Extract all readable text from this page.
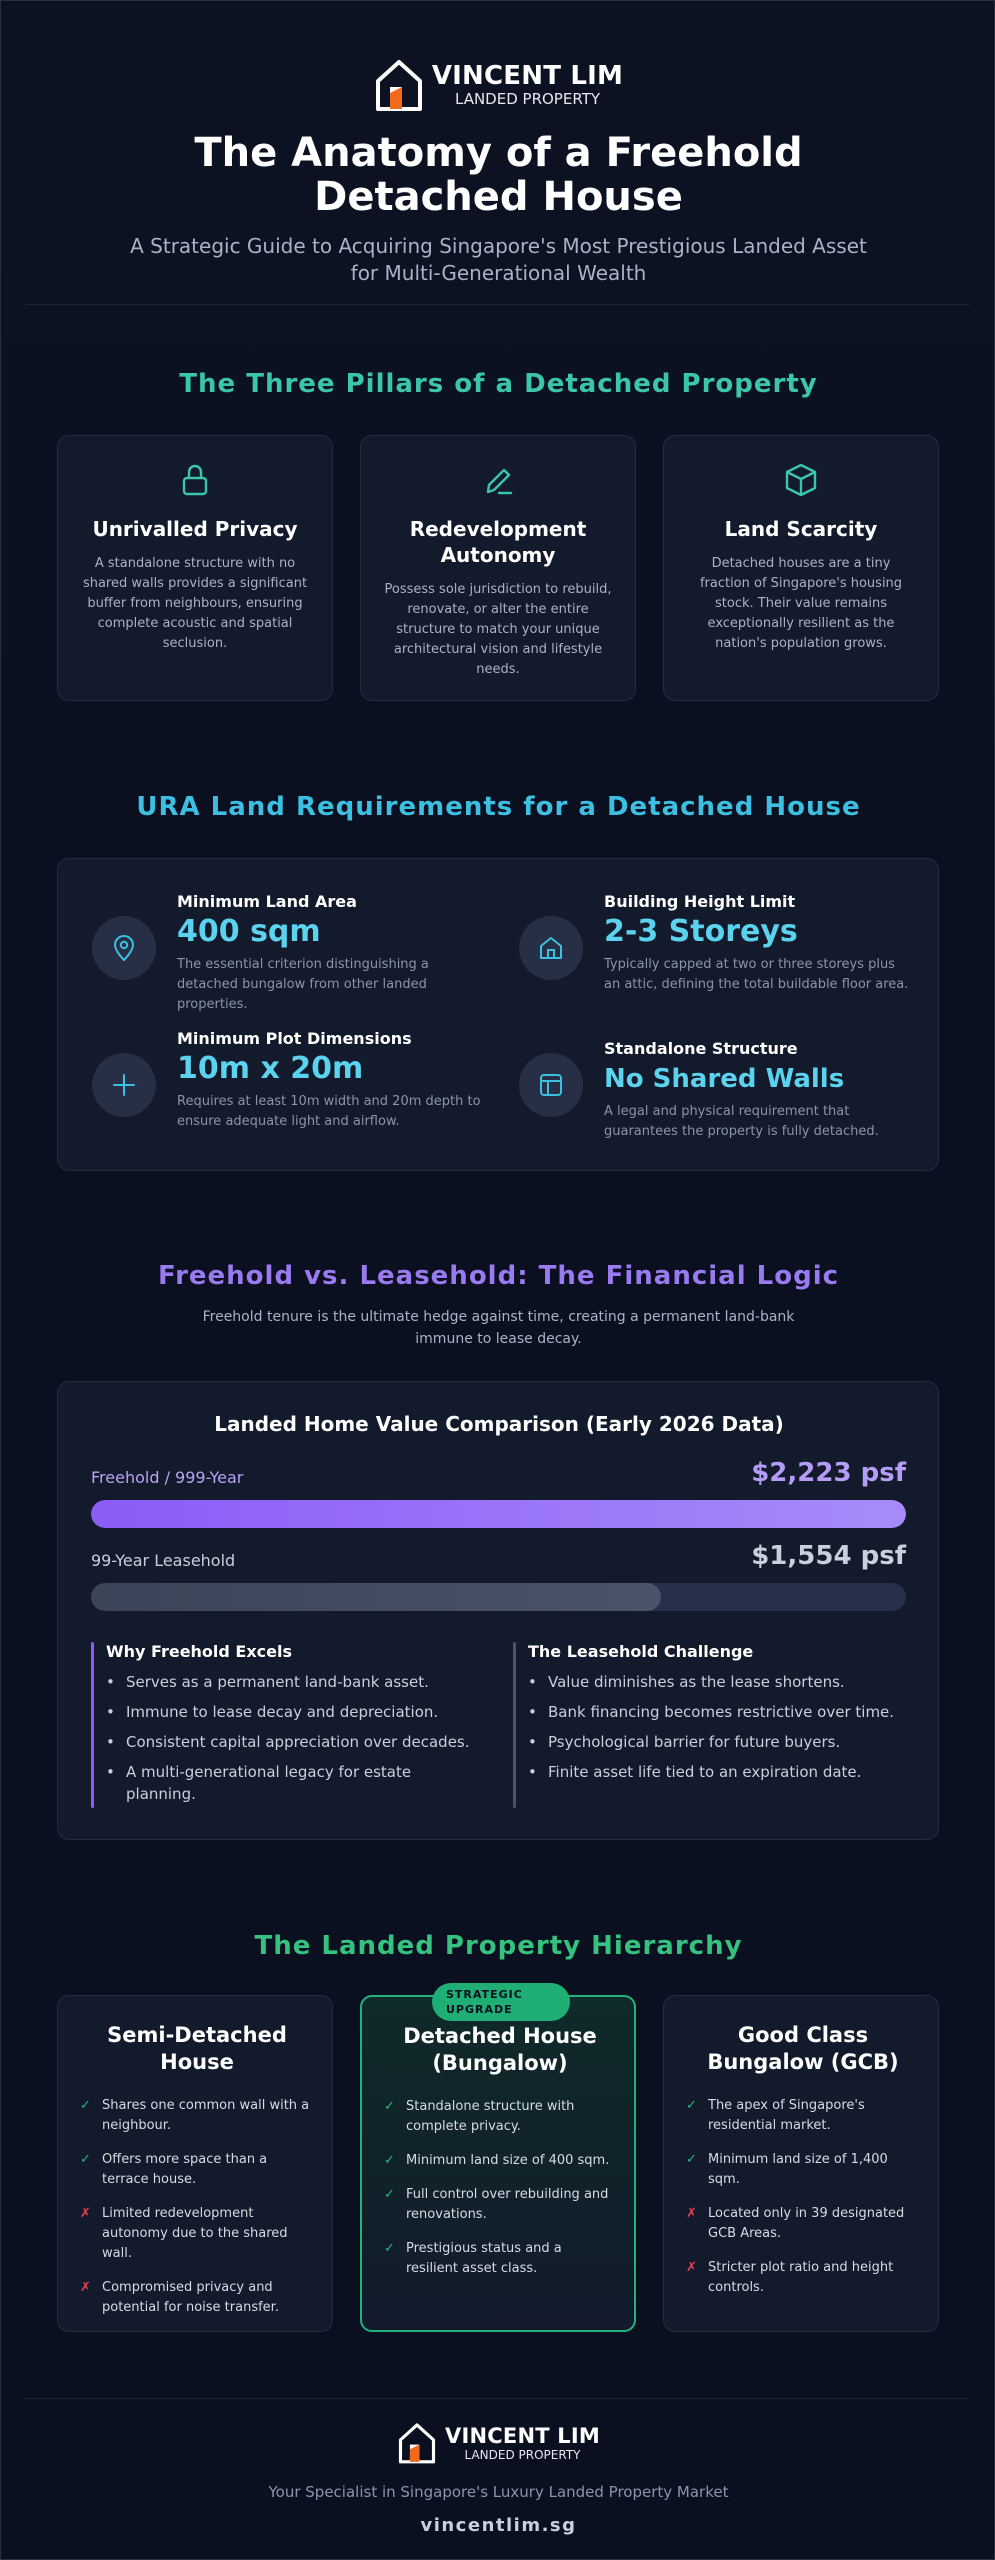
VINCENT LIM
LANDED PROPERTY
The Anatomy of a Freehold Detached House

A Strategic Guide to Acquiring Singapore's Most Prestigious Landed Asset for Multi-Generational Wealth

The Three Pillars of a Detached Property
Unrivalled Privacy
A standalone structure with no shared walls provides a significant buffer from neighbours, ensuring complete acoustic and spatial seclusion.
Redevelopment Autonomy
Possess sole jurisdiction to rebuild, renovate, or alter the entire structure to match your unique architectural vision and lifestyle needs.
Land Scarcity
Detached houses are a tiny fraction of Singapore's housing stock. Their value remains exceptionally resilient as the nation's population grows.
URA Land Requirements for a Detached House
Minimum Land Area
400 sqm
The essential criterion distinguishing a detached bungalow from other landed properties.
Building Height Limit
2-3 Storeys
Typically capped at two or three storeys plus an attic, defining the total buildable floor area.
Minimum Plot Dimensions
10m x 20m
Requires at least 10m width and 20m depth to ensure adequate light and airflow.
Standalone Structure
No Shared Walls
A legal and physical requirement that guarantees the property is fully detached.
Freehold vs. Leasehold: The Financial Logic

Freehold tenure is the ultimate hedge against time, creating a permanent land-bank immune to lease decay.

Landed Home Value Comparison (Early 2026 Data)
Freehold / 999-Year	$2,223 psf
99-Year Leasehold	$1,554 psf
Why Freehold Excels
• Serves as a permanent land-bank asset.
• Immune to lease decay and depreciation.
• Consistent capital appreciation over decades.
• A multi-generational legacy for estate planning.
The Leasehold Challenge
• Value diminishes as the lease shortens.
• Bank financing becomes restrictive over time.
• Psychological barrier for future buyers.
• Finite asset life tied to an expiration date.
The Landed Property Hierarchy
Semi-Detached House
✓ Shares one common wall with a neighbour.
✓ Offers more space than a terrace house.
✗ Limited redevelopment autonomy due to the shared wall.
✗ Compromised privacy and potential for noise transfer.
STRATEGIC UPGRADE
Detached House (Bungalow)
✓ Standalone structure with complete privacy.
✓ Minimum land size of 400 sqm.
✓ Full control over rebuilding and renovations.
✓ Prestigious status and a resilient asset class.
Good Class Bungalow (GCB)
✓ The apex of Singapore's residential market.
✓ Minimum land size of 1,400 sqm.
✗ Located only in 39 designated GCB Areas.
✗ Stricter plot ratio and height controls.
VINCENT LIM
LANDED PROPERTY
Your Specialist in Singapore's Luxury Landed Property Market
vincentlim.sg
